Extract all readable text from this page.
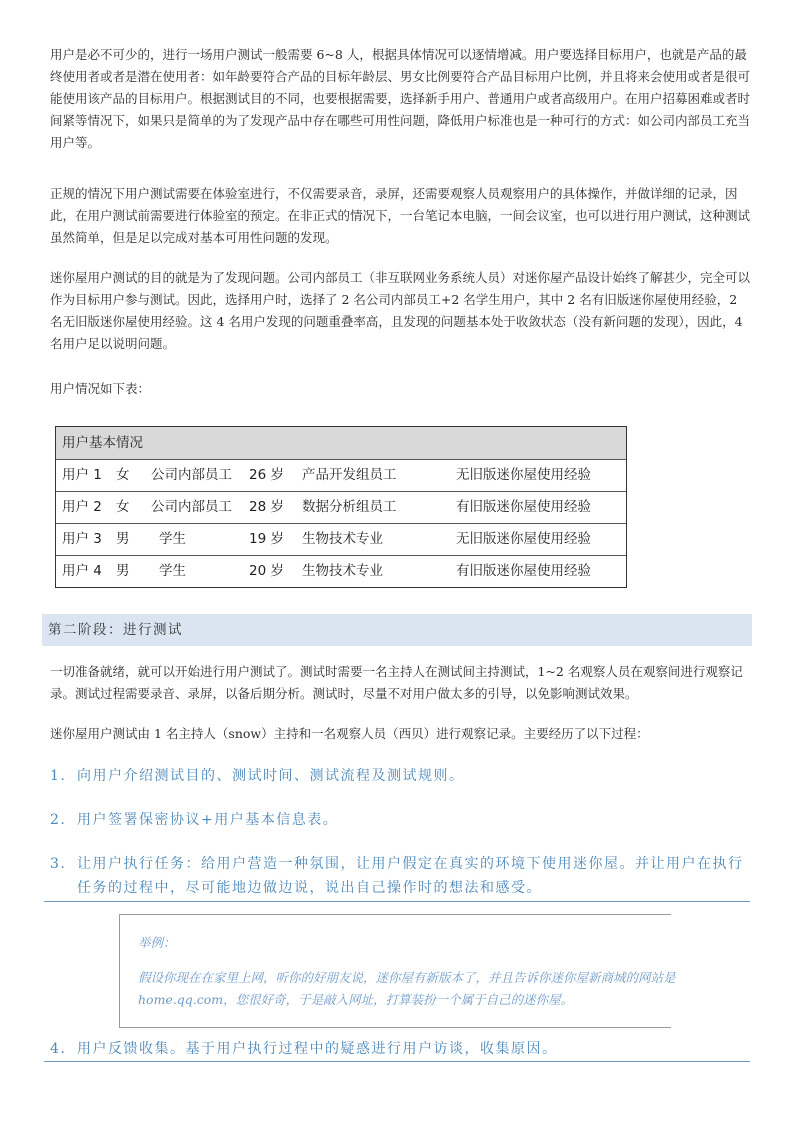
用户是必不可少的，进行一场用户测试一般需要 6~8 人，根据具体情况可以逐情增减。用户要选择目标用户，也就是产品的最终使用者或者是潜在使用者：如年龄要符合产品的目标年龄层、男女比例要符合产品目标用户比例，并且将来会使用或者是很可能使用该产品的目标用户。根据测试目的不同，也要根据需要，选择新手用户、普通用户或者高级用户。在用户招募困难或者时间紧等情况下，如果只是简单的为了发现产品中存在哪些可用性问题，降低用户标准也是一种可行的方式：如公司内部员工充当用户等。

正规的情况下用户测试需要在体验室进行，不仅需要录音，录屏，还需要观察人员观察用户的具体操作，并做详细的记录，因此，在用户测试前需要进行体验室的预定。在非正式的情况下，一台笔记本电脑，一间会议室，也可以进行用户测试，这种测试虽然简单，但是足以完成对基本可用性问题的发现。

迷你屋用户测试的目的就是为了发现问题。公司内部员工（非互联网业务系统人员）对迷你屋产品设计始终了解甚少，完全可以作为目标用户参与测试。因此，选择用户时，选择了 2 名公司内部员工+2 名学生用户，其中 2 名有旧版迷你屋使用经验，2 名无旧版迷你屋使用经验。这 4 名用户发现的问题重叠率高，且发现的问题基本处于收敛状态（没有新问题的发现），因此，4 名用户足以说明问题。

用户情况如下表：

用户基本情况
用户 1 女 公司内部员工 26 岁 产品开发组员工	无旧版迷你屋使用经验
用户 2 女 公司内部员工 28 岁 数据分析组员工	有旧版迷你屋使用经验
用户 3 男 学生	19 岁 生物技术专业	无旧版迷你屋使用经验
用户 4 男 学生	20 岁 生物技术专业	有旧版迷你屋使用经验
第二阶段：进行测试

一切准备就绪，就可以开始进行用户测试了。测试时需要一名主持人在测试间主持测试，1~2 名观察人员在观察间进行观察记录。测试过程需要录音、录屏，以备后期分析。测试时，尽量不对用户做太多的引导，以免影响测试效果。

迷你屋用户测试由 1 名主持人（snow）主持和一名观察人员（西贝）进行观察记录。主要经历了以下过程：

1. 向用户介绍测试目的、测试时间、测试流程及测试规则。
2. 用户签署保密协议+用户基本信息表。
3. 让用户执行任务：给用户营造一种氛围，让用户假定在真实的环境下使用迷你屋。并让用户在执行任务的过程中，尽可能地边做边说，说出自己操作时的想法和感受。
举例：

假设你现在在家里上网，听你的好朋友说，迷你屋有新版本了，并且告诉你迷你屋新商城的网站是 home.qq.com，您很好奇，于是敲入网址，打算装扮一个属于自己的迷你屋。

4. 用户反馈收集。基于用户执行过程中的疑惑进行用户访谈，收集原因。
